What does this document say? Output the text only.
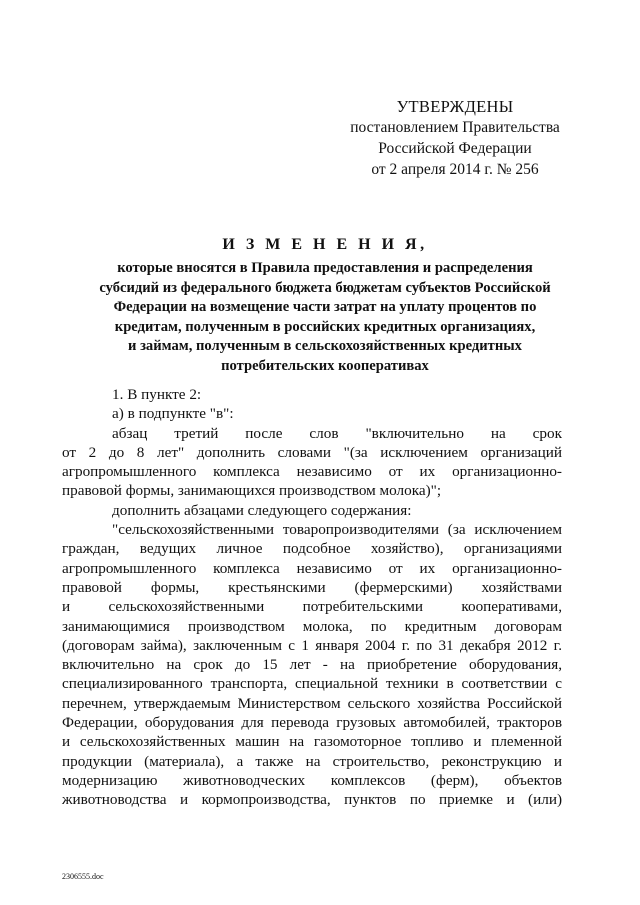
УТВЕРЖДЕНЫ
постановлением Правительства
Российской Федерации
от 2 апреля 2014 г. № 256
И З М Е Н Е Н И Я,
которые вносятся в Правила предоставления и распределения
субсидий из федерального бюджета бюджетам субъектов Российской
Федерации на возмещение части затрат на уплату процентов по
кредитам, полученным в российских кредитных организациях,
и займам, полученным в сельскохозяйственных кредитных
потребительских кооперативах
1. В пункте 2:
а) в подпункте "в":
абзац третий после слов "включительно на срок
от 2 до 8 лет" дополнить словами "(за исключением организаций
агропромышленного комплекса независимо от их организационно-
правовой формы, занимающихся производством молока)";
дополнить абзацами следующего содержания:
"сельскохозяйственными товаропроизводителями (за исключением
граждан, ведущих личное подсобное хозяйство), организациями
агропромышленного комплекса независимо от их организационно-
правовой формы, крестьянскими (фермерскими) хозяйствами
и сельскохозяйственными потребительскими кооперативами,
занимающимися производством молока, по кредитным договорам
(договорам займа), заключенным с 1 января 2004 г. по 31 декабря 2012 г.
включительно на срок до 15 лет - на приобретение оборудования,
специализированного транспорта, специальной техники в соответствии с
перечнем, утверждаемым Министерством сельского хозяйства Российской
Федерации, оборудования для перевода грузовых автомобилей, тракторов
и сельскохозяйственных машин на газомоторное топливо и племенной
продукции (материала), а также на строительство, реконструкцию и
модернизацию животноводческих комплексов (ферм), объектов
животноводства и кормопроизводства, пунктов по приемке и (или)
2306555.doc
